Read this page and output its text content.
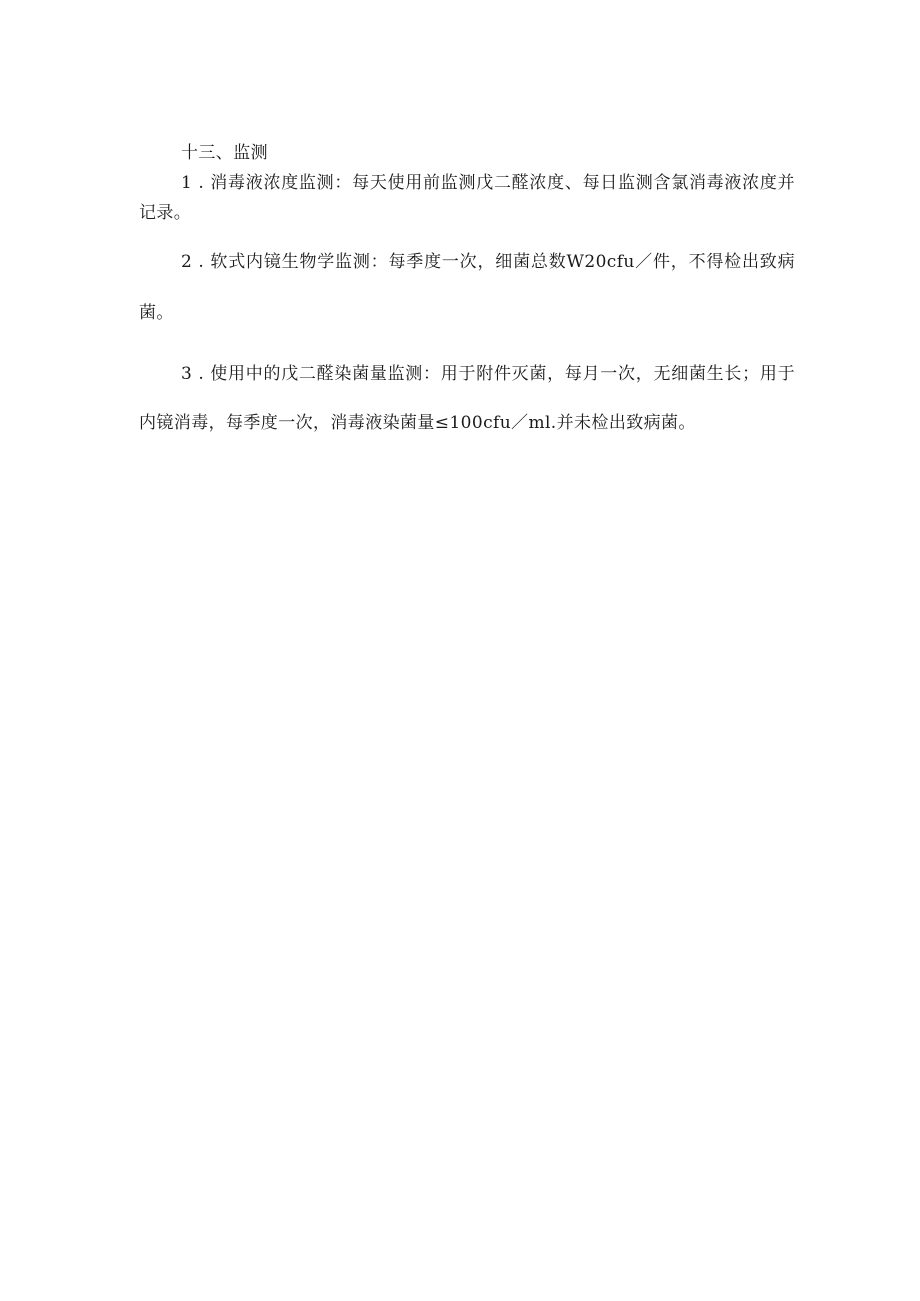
十三、监测

1 . 消毒液浓度监测：每天使用前监测戊二醛浓度、每日监测含氯消毒液浓度并记录。

2 . 软式内镜生物学监测：每季度一次，细菌总数W20cfu／件，不得检出致病菌。

3 . 使用中的戊二醛染菌量监测：用于附件灭菌，每月一次，无细菌生长；用于内镜消毒，每季度一次，消毒液染菌量≤100cfu／ml.并未检出致病菌。
